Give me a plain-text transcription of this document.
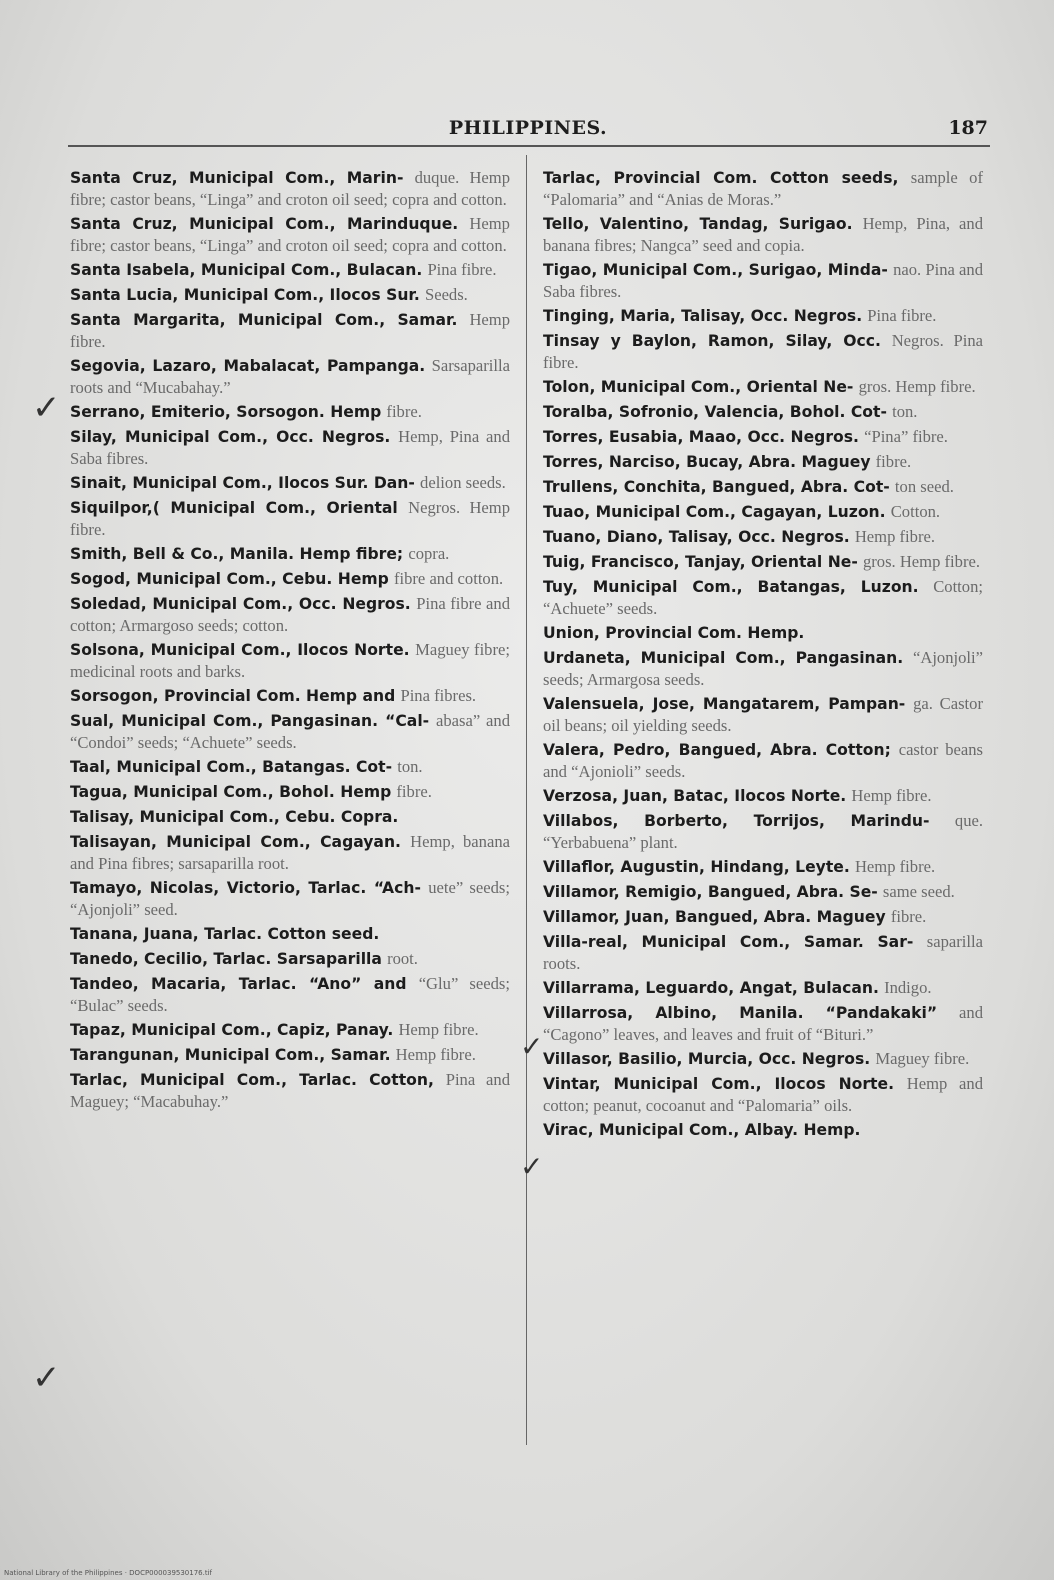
PHILIPPINES.	187
Santa Cruz, Municipal Com., Marin- duque. Hemp fibre; castor beans, “Linga” and croton oil seed; copra and cotton.
Santa Cruz, Municipal Com., Marinduque. Hemp fibre; castor beans, “Linga” and croton oil seed; copra and cotton.
Santa Isabela, Municipal Com., Bulacan. Pina fibre.
Santa Lucia, Municipal Com., Ilocos Sur. Seeds.
Santa Margarita, Municipal Com., Samar. Hemp fibre.
Segovia, Lazaro, Mabalacat, Pampanga. Sarsaparilla roots and “Mucabahay.”
Serrano, Emiterio, Sorsogon. Hemp fibre.
Silay, Municipal Com., Occ. Negros. Hemp, Pina and Saba fibres.
Sinait, Municipal Com., Ilocos Sur. Dan- delion seeds.
Siquilpor,( Municipal Com., Oriental Negros. Hemp fibre.
Smith, Bell & Co., Manila. Hemp fibre; copra.
Sogod, Municipal Com., Cebu. Hemp fibre and cotton.
Soledad, Municipal Com., Occ. Negros. Pina fibre and cotton; Armargoso seeds; cotton.
Solsona, Municipal Com., Ilocos Norte. Maguey fibre; medicinal roots and barks.
Sorsogon, Provincial Com. Hemp and Pina fibres.
Sual, Municipal Com., Pangasinan. “Cal- abasa” and “Condoi” seeds; “Achuete” seeds.
Taal, Municipal Com., Batangas. Cot- ton.
Tagua, Municipal Com., Bohol. Hemp fibre.
Talisay, Municipal Com., Cebu. Copra.
Talisayan, Municipal Com., Cagayan. Hemp, banana and Pina fibres; sarsaparilla root.
Tamayo, Nicolas, Victorio, Tarlac. “Ach- uete” seeds; “Ajonjoli” seed.
Tanana, Juana, Tarlac. Cotton seed.
Tanedo, Cecilio, Tarlac. Sarsaparilla root.
Tandeo, Macaria, Tarlac. “Ano” and “Glu” seeds; “Bulac” seeds.
Tapaz, Municipal Com., Capiz, Panay. Hemp fibre.
Tarangunan, Municipal Com., Samar. Hemp fibre.
Tarlac, Municipal Com., Tarlac. Cotton, Pina and Maguey; “Macabuhay.”
Tarlac, Provincial Com. Cotton seeds, sample of “Palomaria” and “Anias de Moras.”
Tello, Valentino, Tandag, Surigao. Hemp, Pina, and banana fibres; Nangca” seed and copia.
Tigao, Municipal Com., Surigao, Minda- nao. Pina and Saba fibres.
Tinging, Maria, Talisay, Occ. Negros. Pina fibre.
Tinsay y Baylon, Ramon, Silay, Occ. Negros. Pina fibre.
Tolon, Municipal Com., Oriental Ne- gros. Hemp fibre.
Toralba, Sofronio, Valencia, Bohol. Cot- ton.
Torres, Eusabia, Maao, Occ. Negros. “Pina” fibre.
Torres, Narciso, Bucay, Abra. Maguey fibre.
Trullens, Conchita, Bangued, Abra. Cot- ton seed.
Tuao, Municipal Com., Cagayan, Luzon. Cotton.
Tuano, Diano, Talisay, Occ. Negros. Hemp fibre.
Tuig, Francisco, Tanjay, Oriental Ne- gros. Hemp fibre.
Tuy, Municipal Com., Batangas, Luzon. Cotton; “Achuete” seeds.
Union, Provincial Com. Hemp.
Urdaneta, Municipal Com., Pangasinan. “Ajonjoli” seeds; Armargosa seeds.
Valensuela, Jose, Mangatarem, Pampan- ga. Castor oil beans; oil yielding seeds.
Valera, Pedro, Bangued, Abra. Cotton; castor beans and “Ajonioli” seeds.
Verzosa, Juan, Batac, Ilocos Norte. Hemp fibre.
Villabos, Borberto, Torrijos, Marindu- que. “Yerbabuena” plant.
Villaflor, Augustin, Hindang, Leyte. Hemp fibre.
Villamor, Remigio, Bangued, Abra. Se- same seed.
Villamor, Juan, Bangued, Abra. Maguey fibre.
Villa-real, Municipal Com., Samar. Sar- saparilla roots.
Villarrama, Leguardo, Angat, Bulacan. Indigo.
Villarrosa, Albino, Manila. “Pandakaki” and “Cagono” leaves, and leaves and fruit of “Bituri.”
Villasor, Basilio, Murcia, Occ. Negros. Maguey fibre.
Vintar, Municipal Com., Ilocos Norte. Hemp and cotton; peanut, cocoanut and “Palomaria” oils.
Virac, Municipal Com., Albay. Hemp.
✓
✓
✓
✓
National Library of the Philippines · DOCP000039530176.tif
